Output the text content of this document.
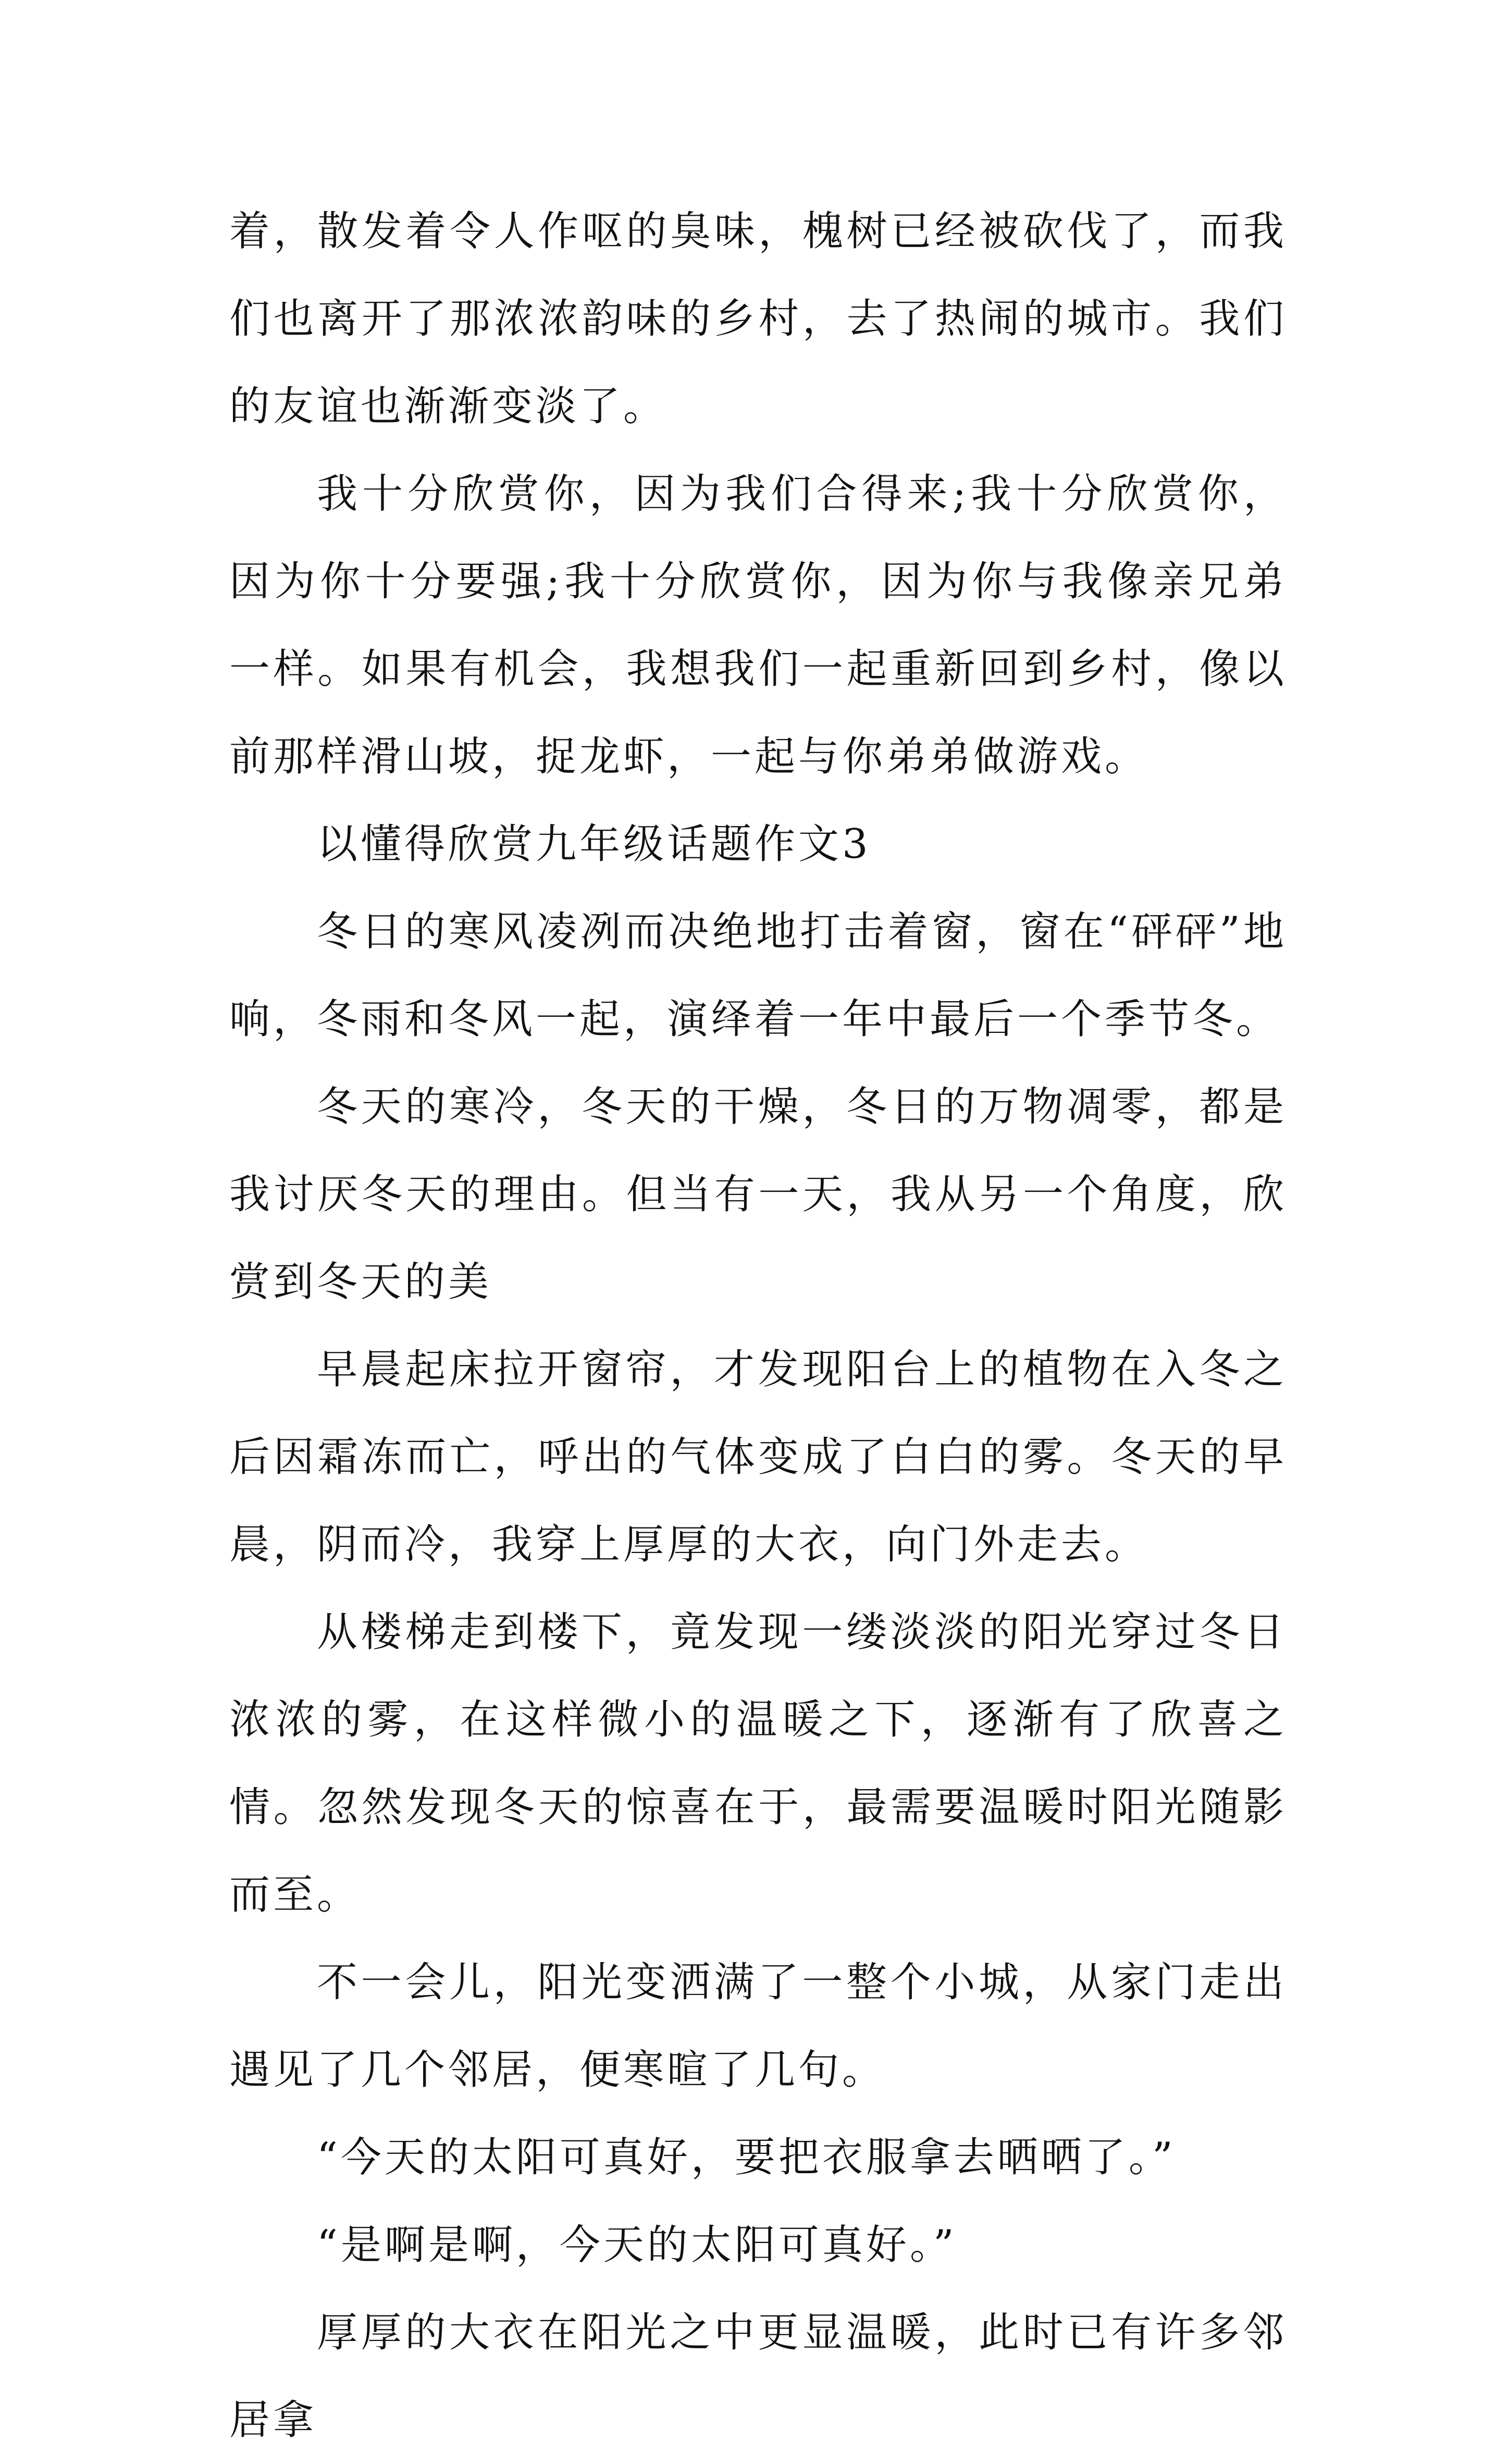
着，散发着令人作呕的臭味，槐树已经被砍伐了，而我们也离开了那浓浓韵味的乡村，去了热闹的城市。我们的友谊也渐渐变淡了。

我十分欣赏你，因为我们合得来;我十分欣赏你，因为你十分要强;我十分欣赏你，因为你与我像亲兄弟一样。如果有机会，我想我们一起重新回到乡村，像以前那样滑山坡，捉龙虾，一起与你弟弟做游戏。

以懂得欣赏九年级话题作文3

冬日的寒风凌冽而决绝地打击着窗，窗在“砰砰”地响，冬雨和冬风一起，演绎着一年中最后一个季节冬。

冬天的寒冷，冬天的干燥，冬日的万物凋零，都是我讨厌冬天的理由。但当有一天，我从另一个角度，欣赏到冬天的美

早晨起床拉开窗帘，才发现阳台上的植物在入冬之后因霜冻而亡，呼出的气体变成了白白的雾。冬天的早晨，阴而冷，我穿上厚厚的大衣，向门外走去。

从楼梯走到楼下，竟发现一缕淡淡的阳光穿过冬日浓浓的雾，在这样微小的温暖之下，逐渐有了欣喜之情。忽然发现冬天的惊喜在于，最需要温暖时阳光随影而至。

不一会儿，阳光变洒满了一整个小城，从家门走出遇见了几个邻居，便寒暄了几句。

“今天的太阳可真好，要把衣服拿去晒晒了。”

“是啊是啊，今天的太阳可真好。”

厚厚的大衣在阳光之中更显温暖，此时已有许多邻居拿
